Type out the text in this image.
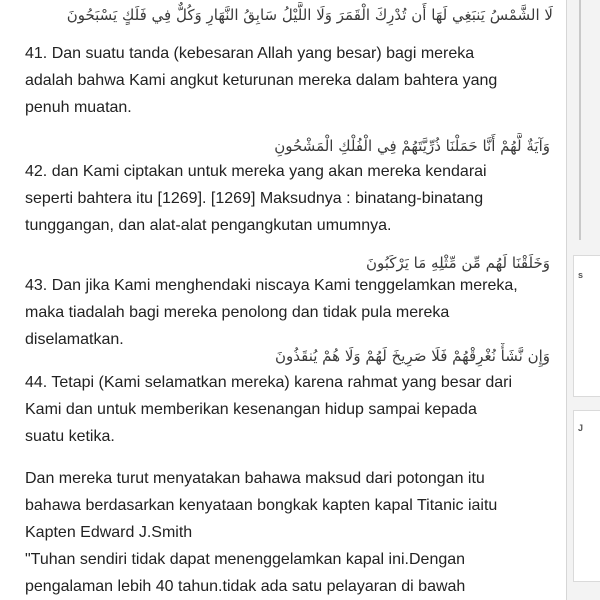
لَا الشَّمْسُ يَنبَغِي لَهَا أَن تُدْرِكَ الْقَمَرَ وَلَا اللَّيْلُ سَابِقُ النَّهَارِ وَكُلٌّ فِي فَلَكٍ يَسْبَحُونَ

41. Dan suatu tanda (kebesaran Allah yang besar) bagi mereka

adalah bahwa Kami angkut keturunan mereka dalam bahtera yang

penuh muatan.

وَآيَةٌ لَّهُمْ أَنَّا حَمَلْنَا ذُرِّيَّتَهُمْ فِي الْفُلْكِ الْمَشْحُونِ

42. dan Kami ciptakan untuk mereka yang akan mereka kendarai

seperti bahtera itu [1269]. [1269] Maksudnya : binatang-binatang

tunggangan, dan alat-alat pengangkutan umumnya.

وَخَلَقْنَا لَهُم مِّن مِّثْلِهِ مَا يَرْكَبُونَ

43. Dan jika Kami menghendaki niscaya Kami tenggelamkan mereka,

maka tiadalah bagi mereka penolong dan tidak pula mereka

diselamatkan.

وَإِن نَّشَأْ نُغْرِقْهُمْ فَلَا صَرِيخَ لَهُمْ وَلَا هُمْ يُنقَذُونَ

44. Tetapi (Kami selamatkan mereka) karena rahmat yang besar dari

Kami dan untuk memberikan kesenangan hidup sampai kepada

suatu ketika.

Dan mereka turut menyatakan bahawa maksud dari potongan itu

bahawa berdasarkan kenyataan bongkak kapten kapal Titanic iaitu

Kapten Edward J.Smith

"Tuhan sendiri tidak dapat menenggelamkan kapal ini.Dengan

pengalaman lebih 40 tahun.tidak ada satu pelayaran di bawah

s
J
